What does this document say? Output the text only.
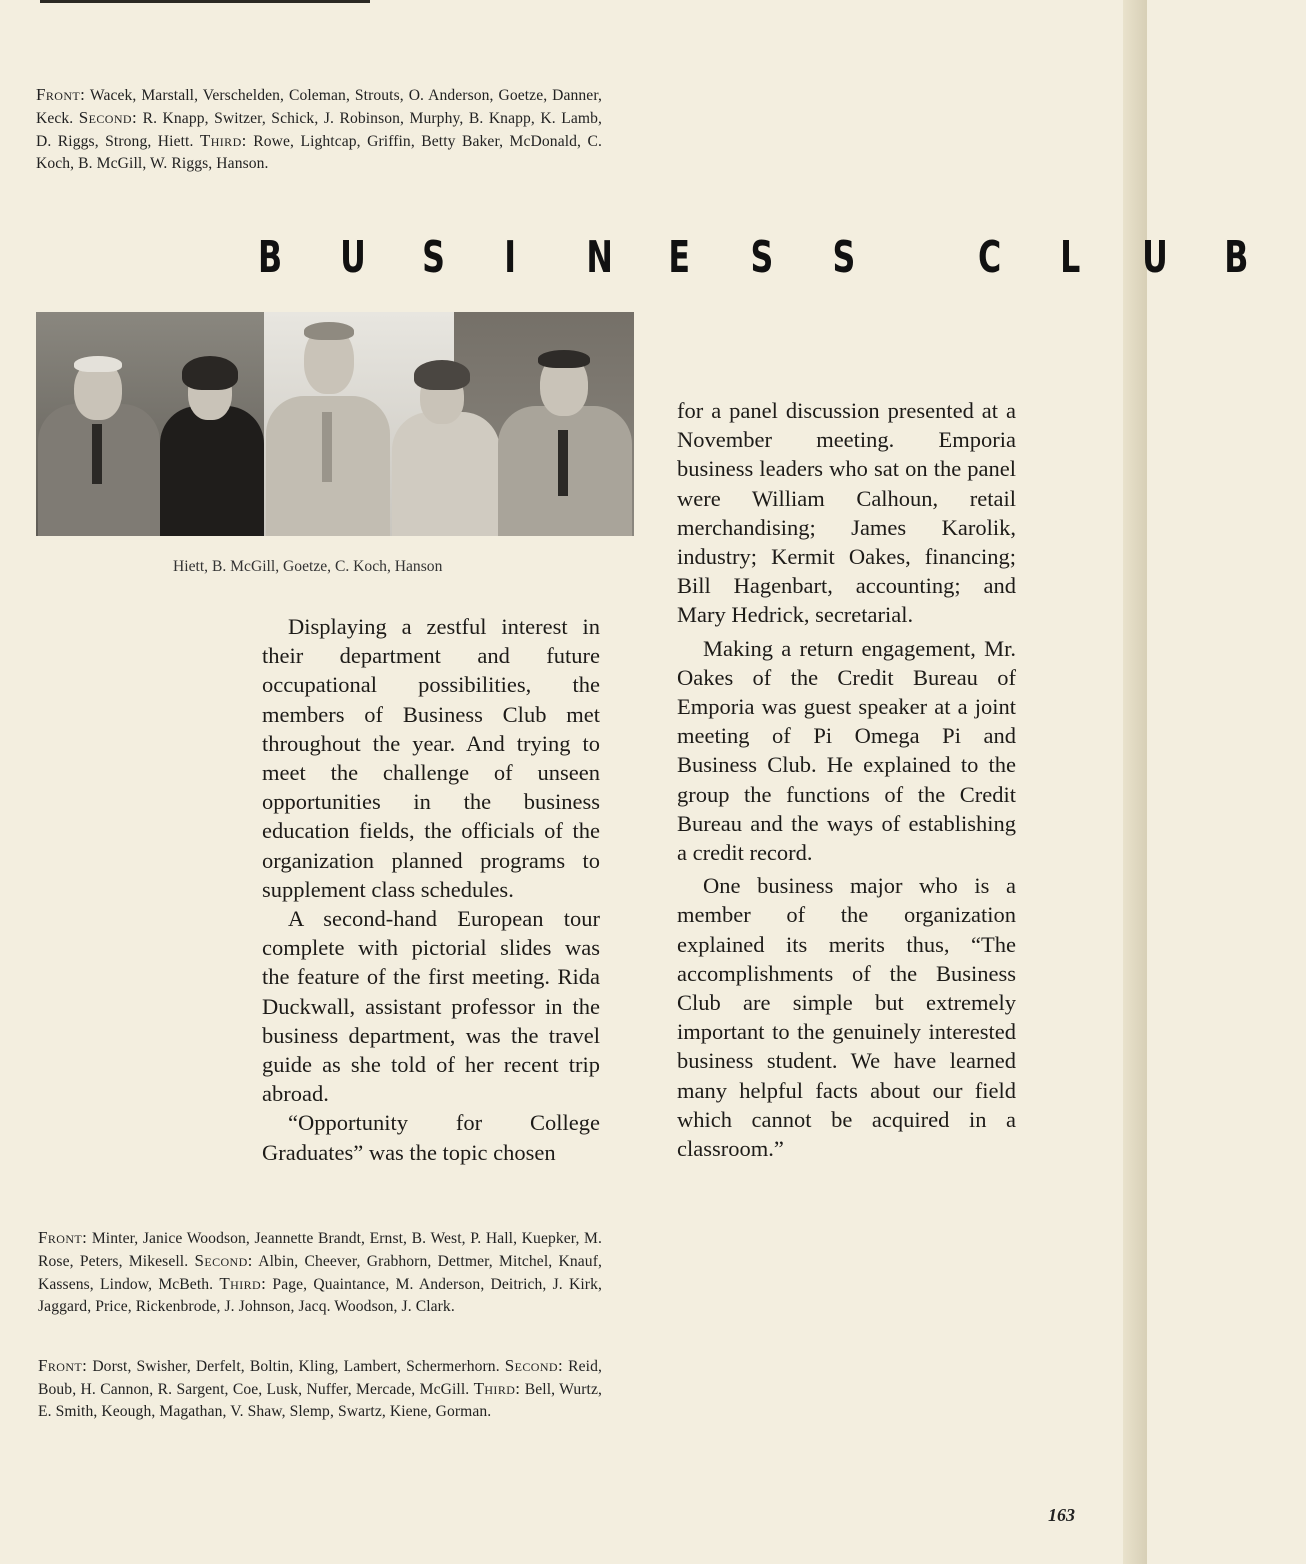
Front: Wacek, Marstall, Verschelden, Coleman, Strouts, O. Anderson, Goetze, Danner, Keck. Second: R. Knapp, Switzer, Schick, J. Robinson, Murphy, B. Knapp, K. Lamb, D. Riggs, Strong, Hiett. Third: Rowe, Lightcap, Griffin, Betty Baker, McDonald, C. Koch, B. McGill, W. Riggs, Hanson.
B U S I N E S S	C L U B
Hiett, B. McGill, Goetze, C. Koch, Hanson

Displaying a zestful interest in their department and future occupational possibilities, the members of Business Club met throughout the year. And trying to meet the challenge of unseen opportunities in the business education fields, the officials of the organization planned programs to supplement class schedules.

A second-hand European tour complete with pictorial slides was the feature of the first meeting. Rida Duckwall, assistant professor in the business department, was the travel guide as she told of her recent trip abroad.

“Opportunity for College Graduates” was the topic chosen

for a panel discussion presented at a November meeting. Emporia business leaders who sat on the panel were William Calhoun, retail merchandising; James Karolik, industry; Kermit Oakes, financing; Bill Hagenbart, accounting; and Mary Hedrick, secretarial.

Making a return engagement, Mr. Oakes of the Credit Bureau of Emporia was guest speaker at a joint meeting of Pi Omega Pi and Business Club. He explained to the group the functions of the Credit Bureau and the ways of establishing a credit record.

One business major who is a member of the organization explained its merits thus, “The accomplishments of the Business Club are simple but extremely important to the genuinely interested business student. We have learned many helpful facts about our field which cannot be acquired in a classroom.”

Front: Minter, Janice Woodson, Jeannette Brandt, Ernst, B. West, P. Hall, Kuepker, M. Rose, Peters, Mikesell. Second: Albin, Cheever, Grabhorn, Dettmer, Mitchel, Knauf, Kassens, Lindow, McBeth. Third: Page, Quaintance, M. Anderson, Deitrich, J. Kirk, Jaggard, Price, Rickenbrode, J. Johnson, Jacq. Woodson, J. Clark.
Front: Dorst, Swisher, Derfelt, Boltin, Kling, Lambert, Schermerhorn. Second: Reid, Boub, H. Cannon, R. Sargent, Coe, Lusk, Nuffer, Mercade, McGill. Third: Bell, Wurtz, E. Smith, Keough, Magathan, V. Shaw, Slemp, Swartz, Kiene, Gorman.
163
